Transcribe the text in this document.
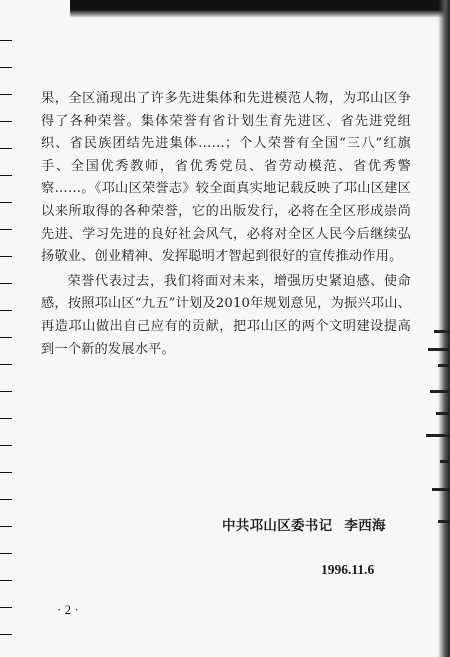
果，全区涌现出了许多先进集体和先进模范人物，为邛山区争得了各种荣誉。集体荣誉有省计划生育先进区、省先进党组织、省民族团结先进集体……；个人荣誉有全国“三八”红旗手、全国优秀教师，省优秀党员、省劳动模范、省优秀警察……。《邛山区荣誉志》较全面真实地记载反映了邛山区建区以来所取得的各种荣誉，它的出版发行，必将在全区形成崇尚先进、学习先进的良好社会风气，必将对全区人民今后继续弘扬敬业、创业精神、发挥聪明才智起到很好的宣传推动作用。

荣誉代表过去，我们将面对未来，增强历史紧迫感、使命感，按照邛山区“九五”计划及2010年规划意见，为振兴邛山、再造邛山做出自己应有的贡献，把邛山区的两个文明建设提高到一个新的发展水平。

中共邛山区委书记 李西海
1996.11.6
· 2 ·
